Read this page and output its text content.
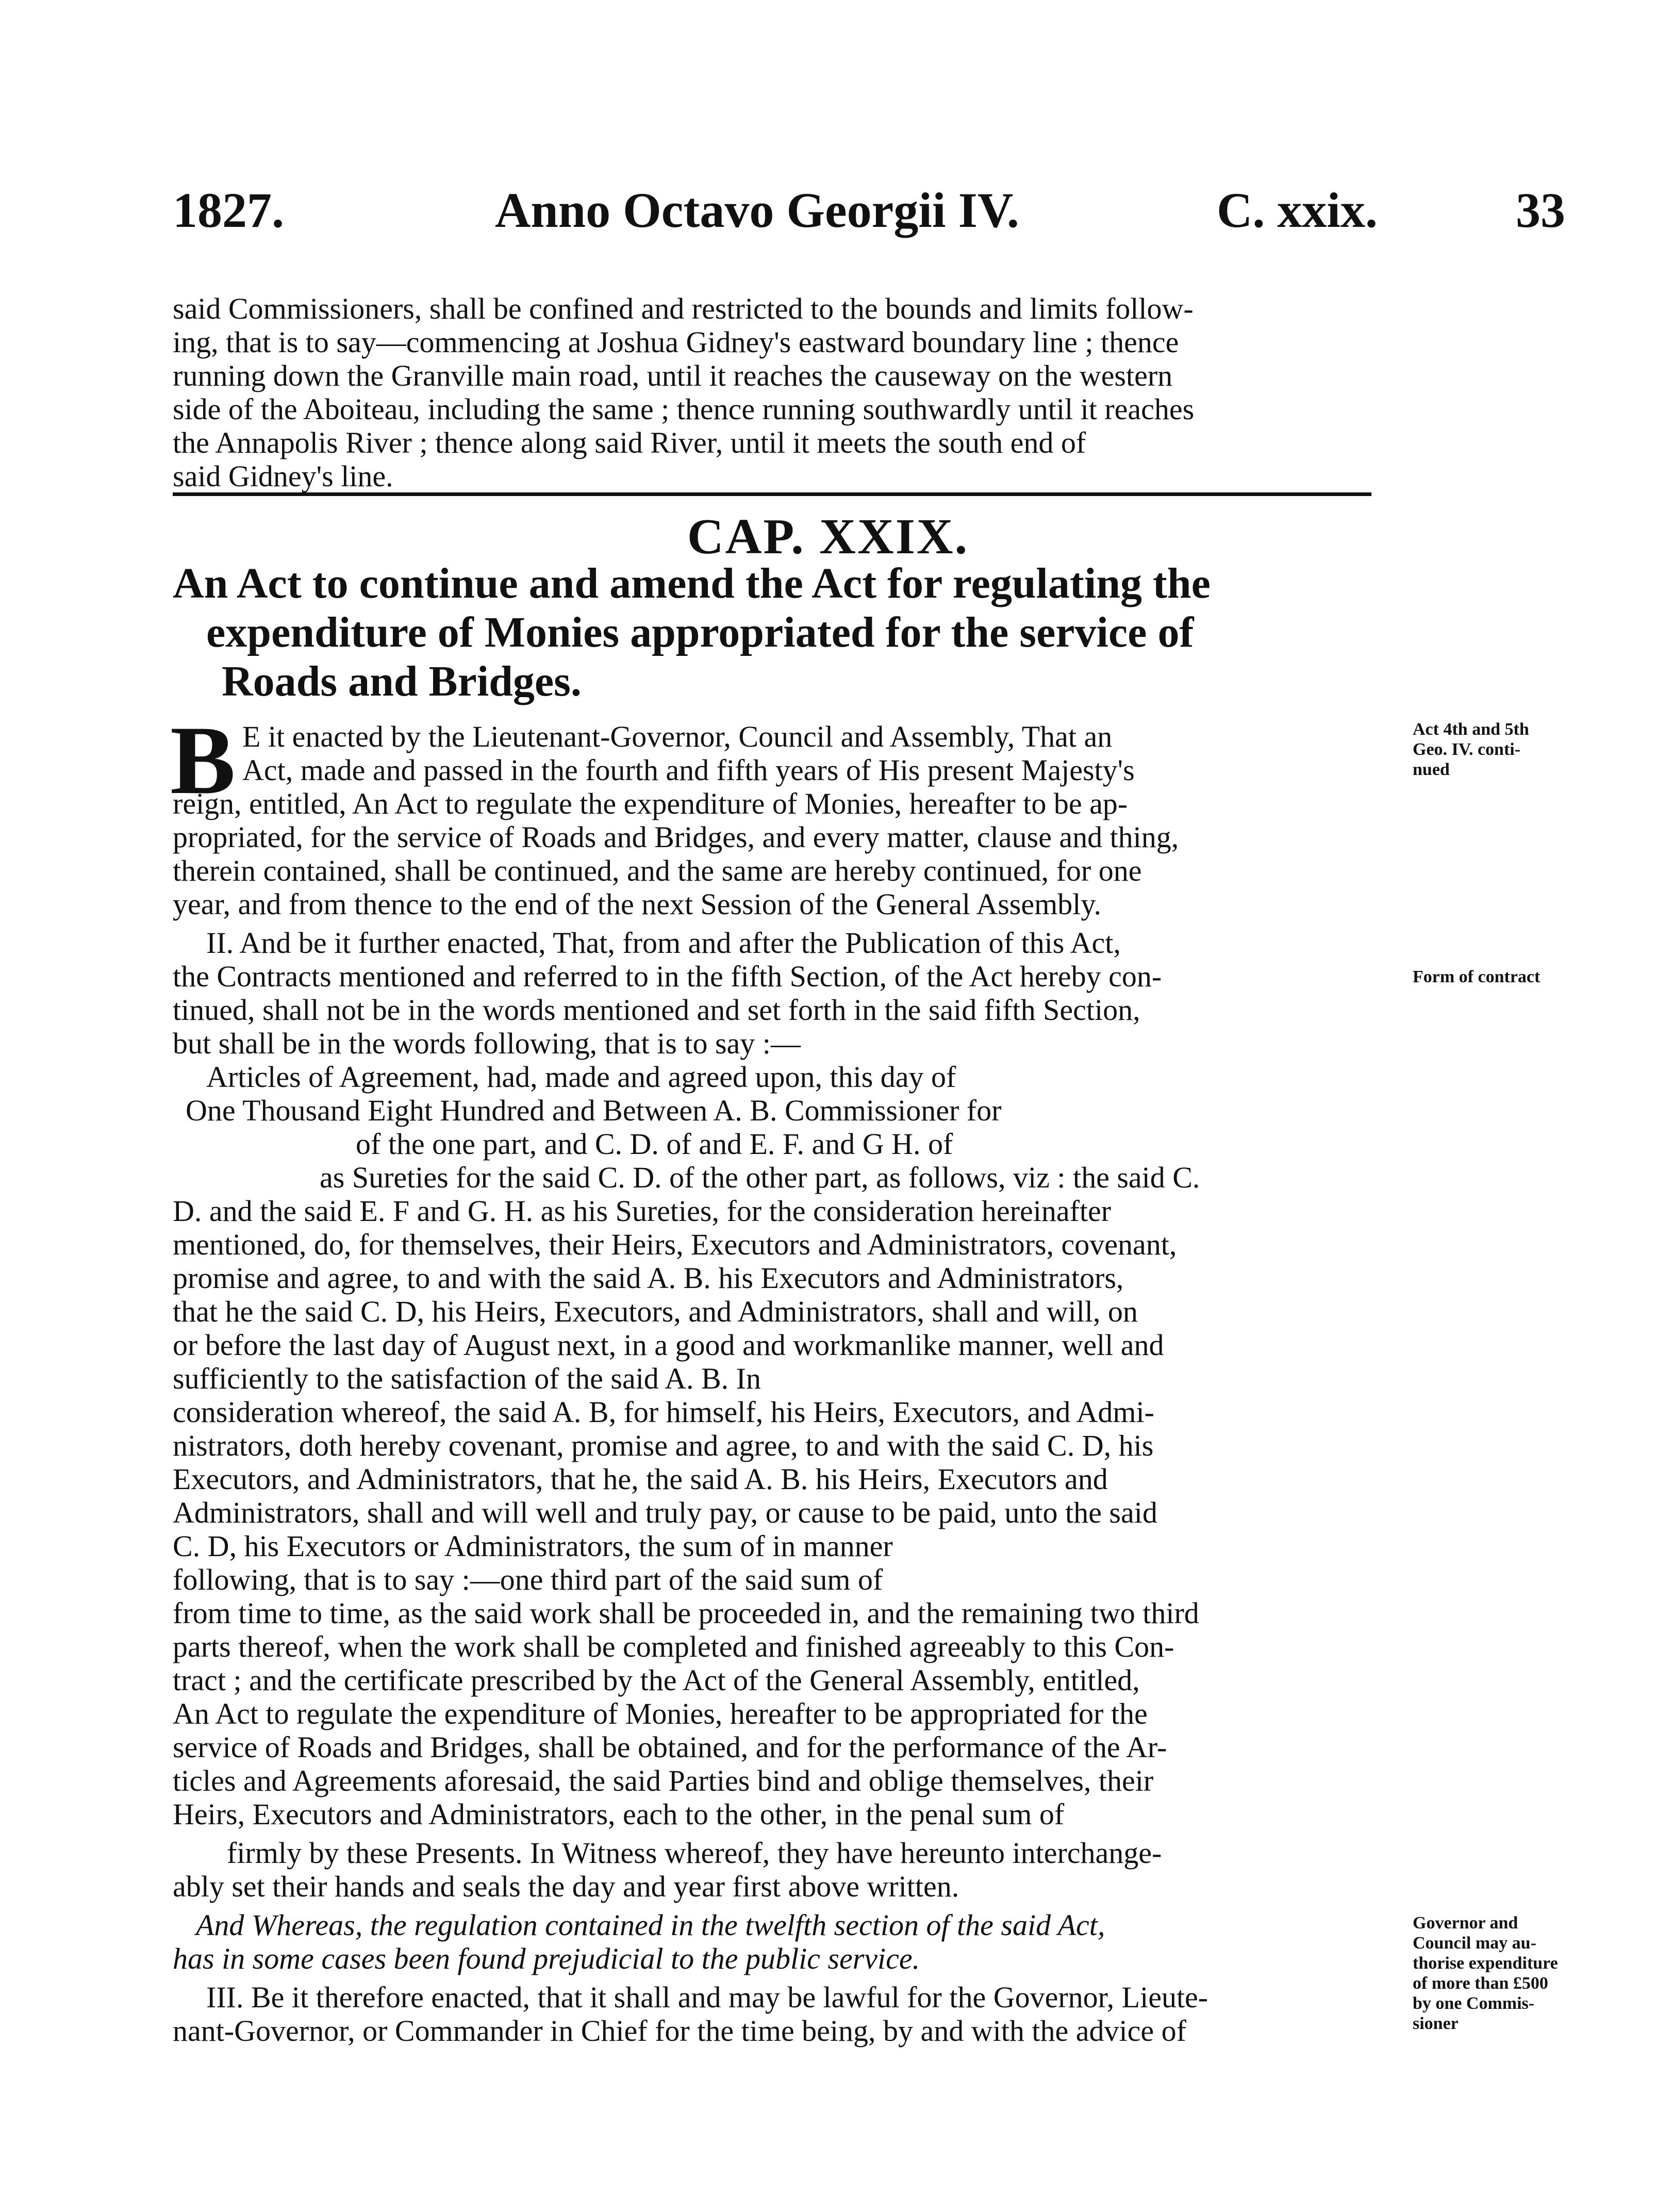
1827.	Anno Octavo Georgii IV.	C. xxix.	33
said Commissioners, shall be confined and restricted to the bounds and limits follow-
ing, that is to say—commencing at Joshua Gidney's eastward boundary line ; thence
running down the Granville main road, until it reaches the causeway on the western
side of the Aboiteau, including the same ; thence running southwardly until it reaches
the Annapolis River ; thence along said River, until it meets the south end of
said Gidney's line.
CAP. XXIX.
An Act to continue and amend the Act for regulating the
expenditure of Monies appropriated for the service of
Roads and Bridges.
B E it enacted by the Lieutenant-Governor, Council and Assembly, That an
Act, made and passed in the fourth and fifth years of His present Majesty's
reign, entitled, An Act to regulate the expenditure of Monies, hereafter to be ap-
propriated, for the service of Roads and Bridges, and every matter, clause and thing,
therein contained, shall be continued, and the same are hereby continued, for one
year, and from thence to the end of the next Session of the General Assembly.
II. And be it further enacted, That, from and after the Publication of this Act,
the Contracts mentioned and referred to in the fifth Section, of the Act hereby con-
tinued, shall not be in the words mentioned and set forth in the said fifth Section,
but shall be in the words following, that is to say :—
Articles of Agreement, had, made and agreed upon, this day of
One Thousand Eight Hundred and Between A. B. Commissioner for
of the one part, and C. D. of and E. F. and G H. of
as Sureties for the said C. D. of the other part, as follows, viz : the said C.
D. and the said E. F and G. H. as his Sureties, for the consideration hereinafter
mentioned, do, for themselves, their Heirs, Executors and Administrators, covenant,
promise and agree, to and with the said A. B. his Executors and Administrators,
that he the said C. D, his Heirs, Executors, and Administrators, shall and will, on
or before the last day of August next, in a good and workmanlike manner, well and
sufficiently to the satisfaction of the said A. B. In
consideration whereof, the said A. B, for himself, his Heirs, Executors, and Admi-
nistrators, doth hereby covenant, promise and agree, to and with the said C. D, his
Executors, and Administrators, that he, the said A. B. his Heirs, Executors and
Administrators, shall and will well and truly pay, or cause to be paid, unto the said
C. D, his Executors or Administrators, the sum of in manner
following, that is to say :—one third part of the said sum of
from time to time, as the said work shall be proceeded in, and the remaining two third
parts thereof, when the work shall be completed and finished agreeably to this Con-
tract ; and the certificate prescribed by the Act of the General Assembly, entitled,
An Act to regulate the expenditure of Monies, hereafter to be appropriated for the
service of Roads and Bridges, shall be obtained, and for the performance of the Ar-
ticles and Agreements aforesaid, the said Parties bind and oblige themselves, their
Heirs, Executors and Administrators, each to the other, in the penal sum of
firmly by these Presents. In Witness whereof, they have hereunto interchange-
ably set their hands and seals the day and year first above written.
And Whereas, the regulation contained in the twelfth section of the said Act,
has in some cases been found prejudicial to the public service.
III. Be it therefore enacted, that it shall and may be lawful for the Governor, Lieute-
nant-Governor, or Commander in Chief for the time being, by and with the advice of
Act 4th and 5th
Geo. IV. conti-
nued
Form of contract
Governor and
Council may au-
thorise expenditure
of more than £500
by one Commis-
sioner
